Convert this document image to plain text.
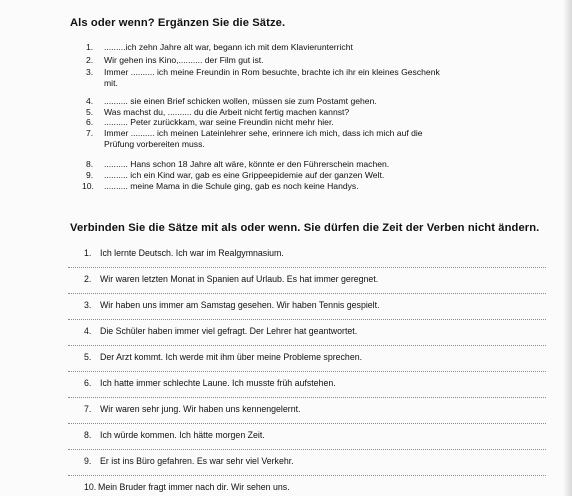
Als oder wenn? Ergänzen Sie die Sätze.
1.	.........ich zehn Jahre alt war, begann ich mit dem Klavierunterricht
2.	Wir gehen ins Kino,.......... der Film gut ist.
3.	Immer .......... ich meine Freundin in Rom besuchte, brachte ich ihr ein kleines Geschenk
mit.
4.	.......... sie einen Brief schicken wollen, müssen sie zum Postamt gehen.
5.	Was machst du, .......... du die Arbeit nicht fertig machen kannst?
6.	.......... Peter zurückkam, war seine Freundin nicht mehr hier.
7.	Immer .......... ich meinen Lateinlehrer sehe, erinnere ich mich, dass ich mich auf die
Prüfung vorbereiten muss.
8.	.......... Hans schon 18 Jahre alt wäre, könnte er den Führerschein machen.
9.	.......... ich ein Kind war, gab es eine Grippeepidemie auf der ganzen Welt.
10.	.......... meine Mama in die Schule ging, gab es noch keine Handys.
Verbinden Sie die Sätze mit als oder wenn. Sie dürfen die Zeit der Verben nicht ändern.
1. Ich lernte Deutsch. Ich war im Realgymnasium.
2. Wir waren letzten Monat in Spanien auf Urlaub. Es hat immer geregnet.
3. Wir haben uns immer am Samstag gesehen. Wir haben Tennis gespielt.
4. Die Schüler haben immer viel gefragt. Der Lehrer hat geantwortet.
5. Der Arzt kommt. Ich werde mit ihm über meine Probleme sprechen.
6. Ich hatte immer schlechte Laune. Ich musste früh aufstehen.
7. Wir waren sehr jung. Wir haben uns kennengelernt.
8. Ich würde kommen. Ich hätte morgen Zeit.
9. Er ist ins Büro gefahren. Es war sehr viel Verkehr.
10. Mein Bruder fragt immer nach dir. Wir sehen uns.
